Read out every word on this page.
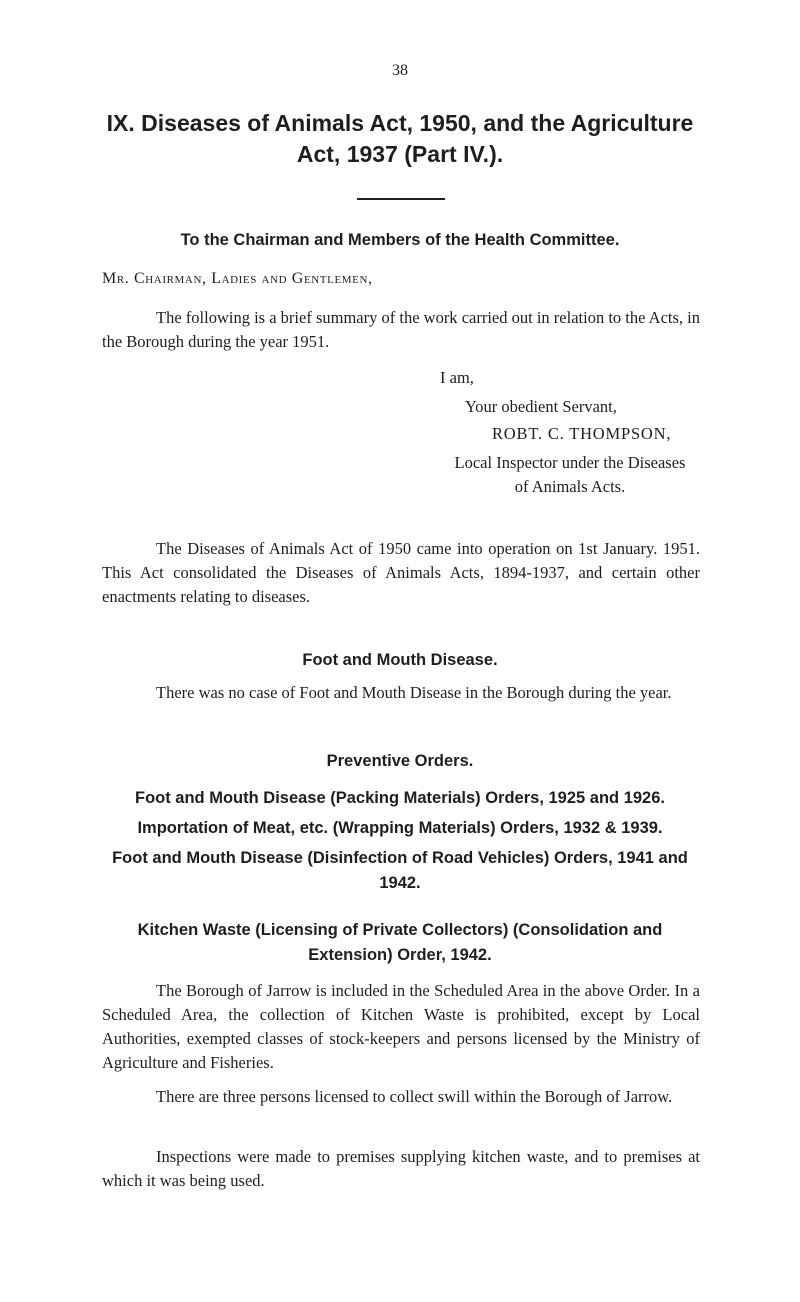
38
IX. Diseases of Animals Act, 1950, and the Agriculture Act, 1937 (Part IV.).
To the Chairman and Members of the Health Committee.
Mr. Chairman, Ladies and Gentlemen,
The following is a brief summary of the work carried out in relation to the Acts, in the Borough during the year 1951.
I am,
Your obedient Servant,
ROBT. C. THOMPSON,
Local Inspector under the Diseases
of Animals Acts.
The Diseases of Animals Act of 1950 came into operation on 1st January. 1951. This Act consolidated the Diseases of Animals Acts, 1894-1937, and certain other enactments relating to diseases.
Foot and Mouth Disease.
There was no case of Foot and Mouth Disease in the Borough during the year.
Preventive Orders.
Foot and Mouth Disease (Packing Materials) Orders, 1925 and 1926.
Importation of Meat, etc. (Wrapping Materials) Orders, 1932 & 1939.
Foot and Mouth Disease (Disinfection of Road Vehicles) Orders, 1941 and 1942.
Kitchen Waste (Licensing of Private Collectors) (Consolidation and Extension) Order, 1942.
The Borough of Jarrow is included in the Scheduled Area in the above Order. In a Scheduled Area, the collection of Kitchen Waste is prohibited, except by Local Authorities, exempted classes of stock-keepers and persons licensed by the Ministry of Agriculture and Fisheries.
There are three persons licensed to collect swill within the Borough of Jarrow.
Inspections were made to premises supplying kitchen waste, and to premises at which it was being used.
